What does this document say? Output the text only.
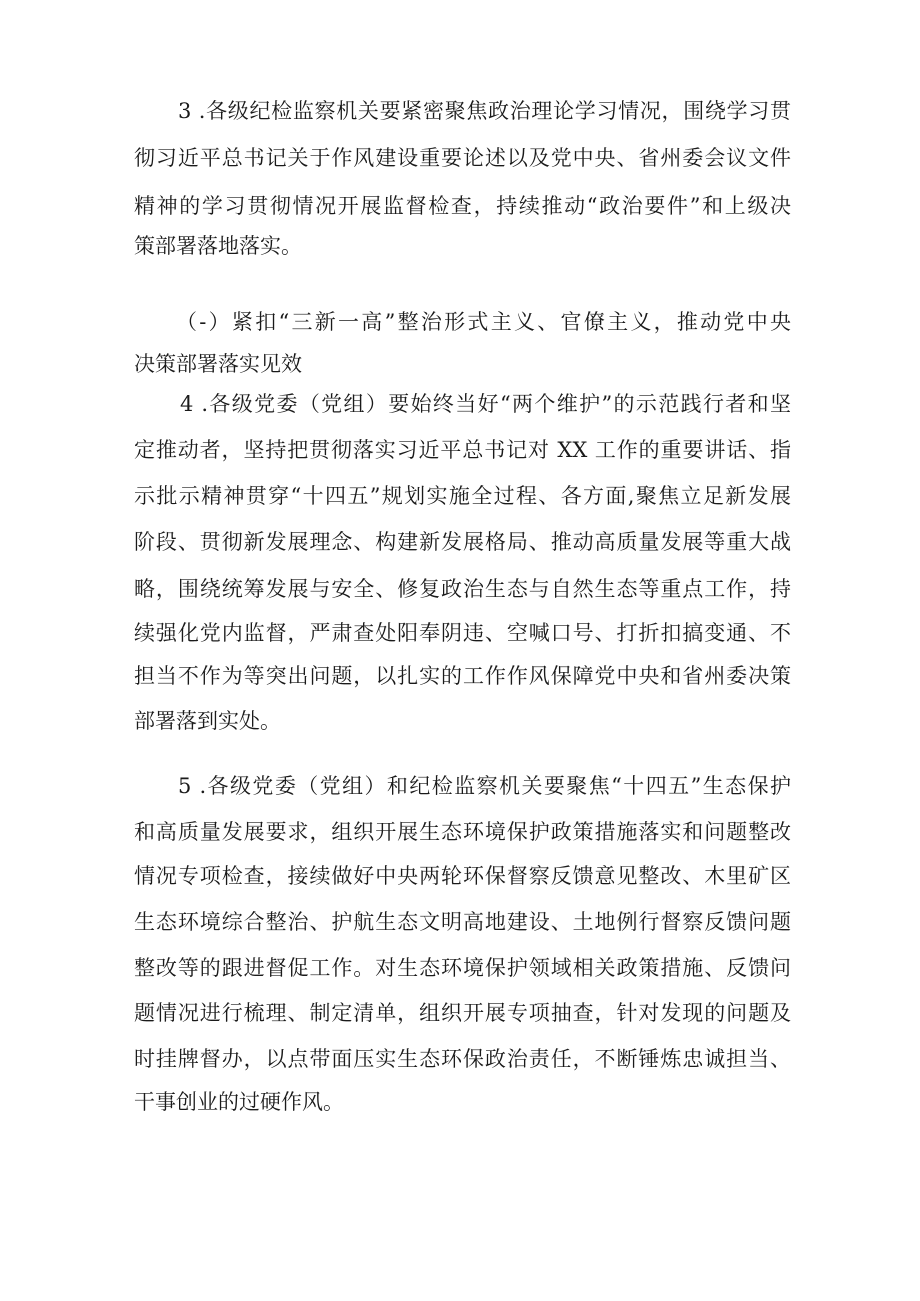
3 .各级纪检监察机关要紧密聚焦政治理论学习情况，围绕学习贯
彻习近平总书记关于作风建设重要论述以及党中央、省州委会议文件
精神的学习贯彻情况开展监督检查，持续推动“政治要件”和上级决
策部署落地落实。
（-）紧扣“三新一高”整治形式主义、官僚主义，推动党中央
决策部署落实见效
4 .各级党委（党组）要始终当好“两个维护”的示范践行者和坚
定推动者，坚持把贯彻落实习近平总书记对 XX 工作的重要讲话、指
示批示精神贯穿“十四五”规划实施全过程、各方面,聚焦立足新发展
阶段、贯彻新发展理念、构建新发展格局、推动高质量发展等重大战
略，围绕统筹发展与安全、修复政治生态与自然生态等重点工作，持
续强化党内监督，严肃查处阳奉阴违、空喊口号、打折扣搞变通、不
担当不作为等突出问题，以扎实的工作作风保障党中央和省州委决策
部署落到实处。
5 .各级党委（党组）和纪检监察机关要聚焦“十四五”生态保护
和高质量发展要求，组织开展生态环境保护政策措施落实和问题整改
情况专项检查，接续做好中央两轮环保督察反馈意见整改、木里矿区
生态环境综合整治、护航生态文明高地建设、土地例行督察反馈问题
整改等的跟进督促工作。对生态环境保护领域相关政策措施、反馈问
题情况进行梳理、制定清单，组织开展专项抽查，针对发现的问题及
时挂牌督办，以点带面压实生态环保政治责任，不断锤炼忠诚担当、
干事创业的过硬作风。
